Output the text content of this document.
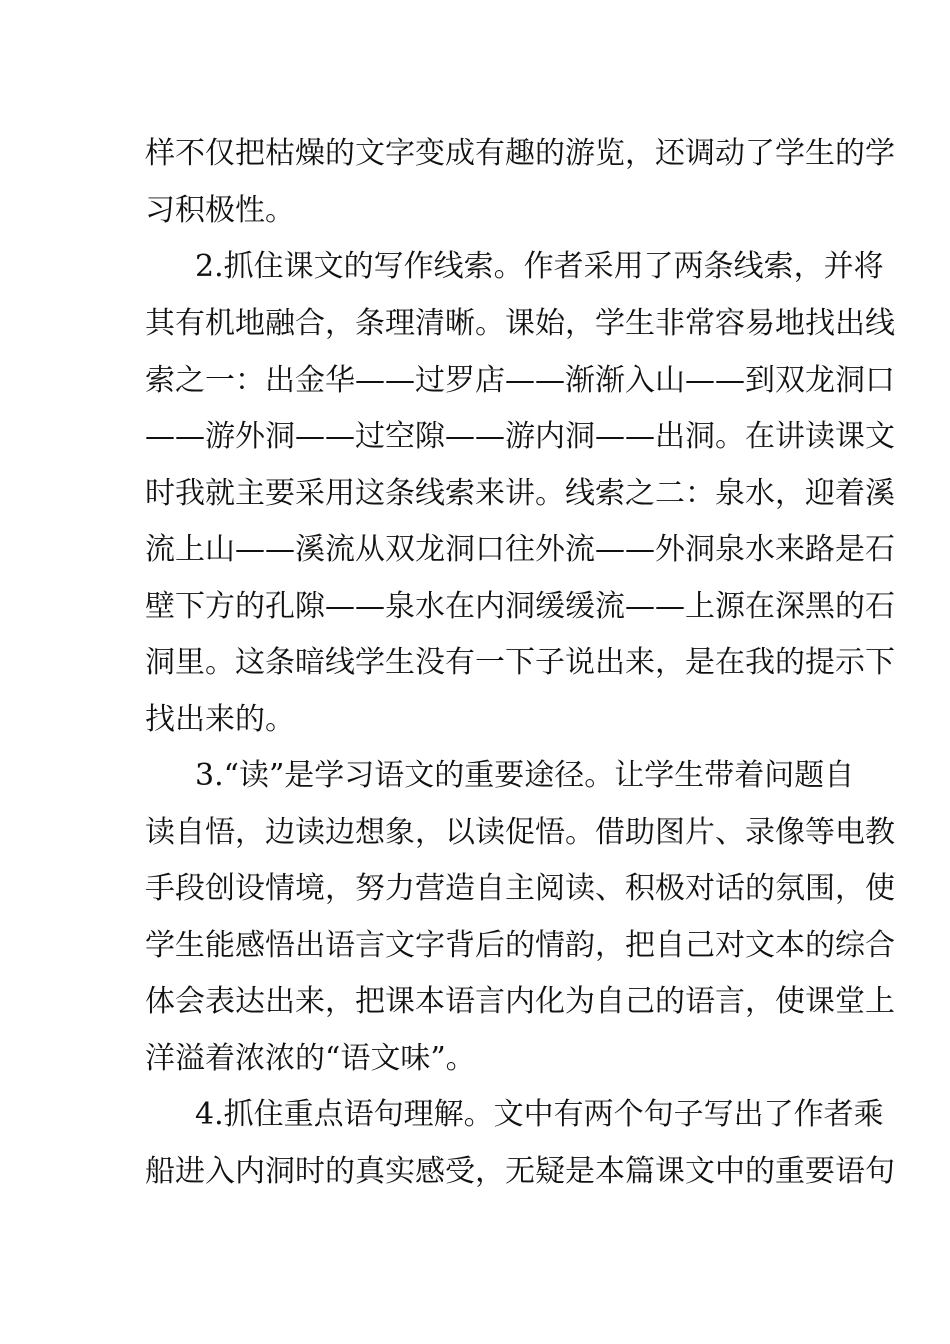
样不仅把枯燥的文字变成有趣的游览，还调动了学生的学

习积极性。

2.抓住课文的写作线索。作者采用了两条线索，并将

其有机地融合，条理清晰。课始，学生非常容易地找出线

索之一：出金华——过罗店——渐渐入山——到双龙洞口

——游外洞——过空隙——游内洞——出洞。在讲读课文

时我就主要采用这条线索来讲。线索之二：泉水，迎着溪

流上山——溪流从双龙洞口往外流——外洞泉水来路是石

壁下方的孔隙——泉水在内洞缓缓流——上源在深黑的石

洞里。这条暗线学生没有一下子说出来，是在我的提示下

找出来的。

3.“读”是学习语文的重要途径。让学生带着问题自

读自悟，边读边想象，以读促悟。借助图片、录像等电教

手段创设情境，努力营造自主阅读、积极对话的氛围，使

学生能感悟出语言文字背后的情韵，把自己对文本的综合

体会表达出来，把课本语言内化为自己的语言，使课堂上

洋溢着浓浓的“语文味”。

4.抓住重点语句理解。文中有两个句子写出了作者乘

船进入内洞时的真实感受，无疑是本篇课文中的重要语句
